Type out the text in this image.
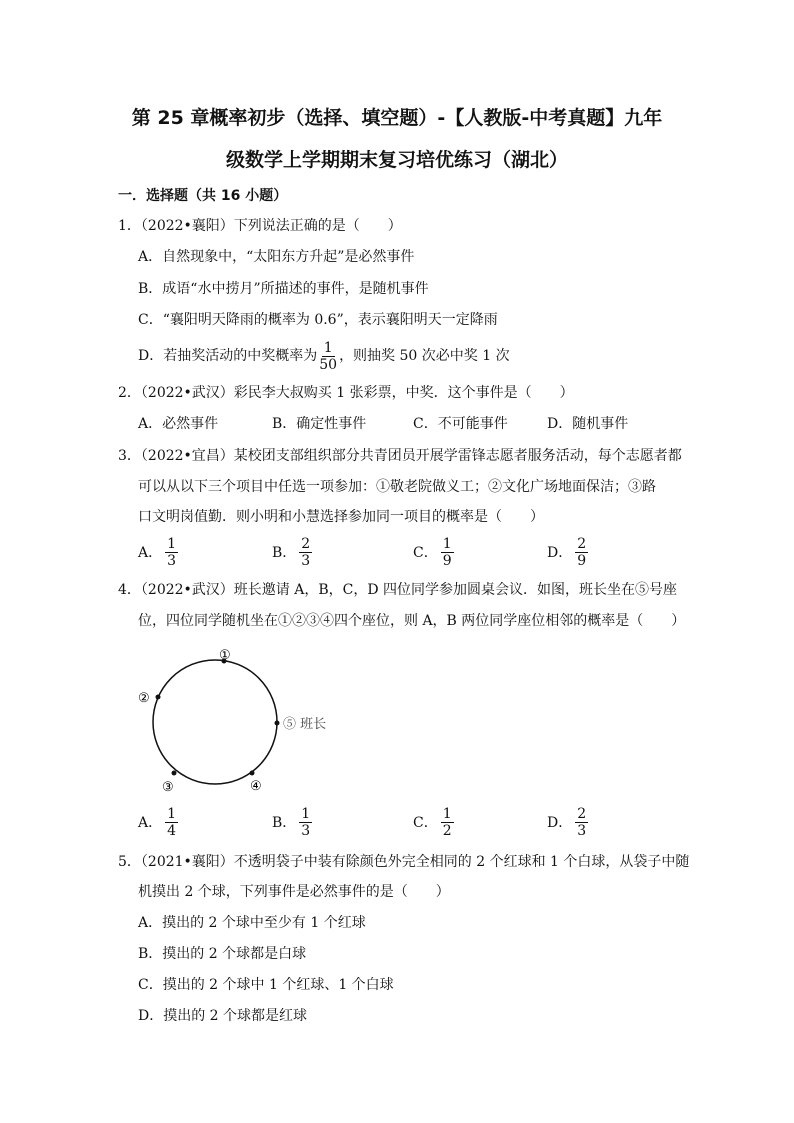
第 25 章概率初步（选择、填空题）-【人教版-中考真题】九年
级数学上学期期末复习培优练习（湖北）
一．选择题（共 16 小题）
1．（2022•襄阳）下列说法正确的是（　　）
A．自然现象中，“太阳东方升起”是必然事件
B．成语“水中捞月”所描述的事件，是随机事件
C．“襄阳明天降雨的概率为 0.6”，表示襄阳明天一定降雨
D．若抽奖活动的中奖概率为 $\frac{1}{50}$ ，则抽奖 50 次必中奖 1 次
2．（2022•武汉）彩民李大叔购买 1 张彩票，中奖．这个事件是（　　）
A．必然事件	B．确定性事件	C．不可能事件	D．随机事件
3．（2022•宜昌）某校团支部组织部分共青团员开展学雷锋志愿者服务活动，每个志愿者都
可以从以下三个项目中任选一项参加：①敬老院做义工；②文化广场地面保洁；③路
口文明岗值勤．则小明和小慧选择参加同一项目的概率是（　　）
A． $\frac{1}{3}$	B． $\frac{2}{3}$	C． $\frac{1}{9}$	D． $\frac{2}{9}$
4．（2022•武汉）班长邀请 A，B，C，D 四位同学参加圆桌会议．如图，班长坐在⑤号座
位，四位同学随机坐在①②③④四个座位，则 A，B 两位同学座位相邻的概率是（　　）
①
②
③	④
⑤ 班长
A． $\frac{1}{4}$	B． $\frac{1}{3}$	C． $\frac{1}{2}$	D． $\frac{2}{3}$
5．（2021•襄阳）不透明袋子中装有除颜色外完全相同的 2 个红球和 1 个白球，从袋子中随
机摸出 2 个球，下列事件是必然事件的是（　　）
A．摸出的 2 个球中至少有 1 个红球
B．摸出的 2 个球都是白球
C．摸出的 2 个球中 1 个红球、1 个白球
D．摸出的 2 个球都是红球
